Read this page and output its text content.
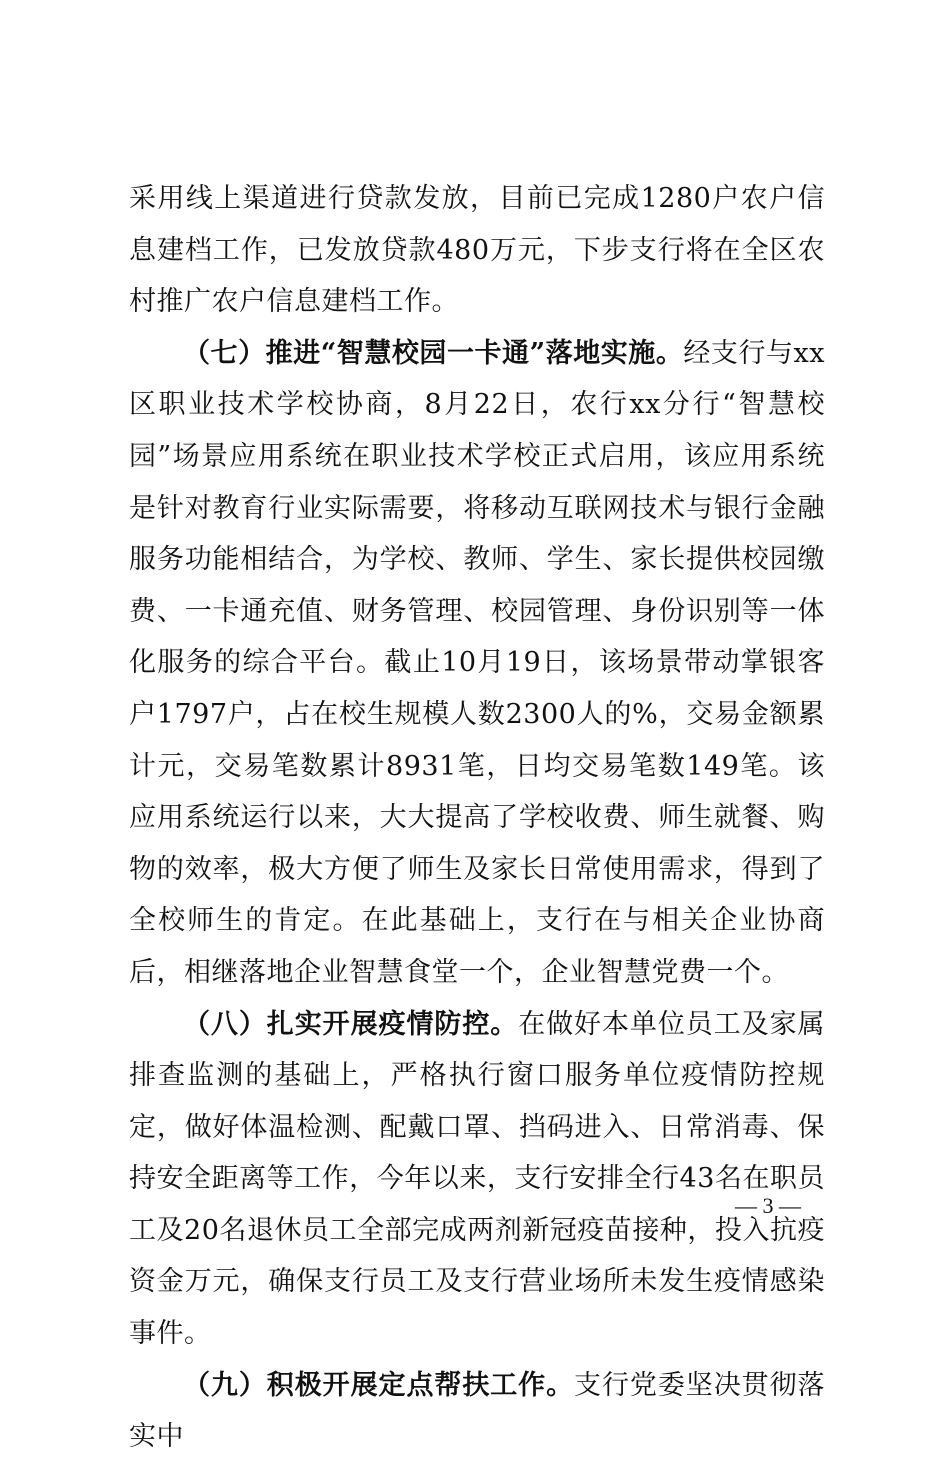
采用线上渠道进行贷款发放，目前已完成1280户农户信息建档工作，已发放贷款480万元，下步支行将在全区农村推广农户信息建档工作。

（七）推进“智慧校园一卡通”落地实施。经支行与xx区职业技术学校协商，8月22日，农行xx分行“智慧校园”场景应用系统在职业技术学校正式启用，该应用系统是针对教育行业实际需要，将移动互联网技术与银行金融服务功能相结合，为学校、教师、学生、家长提供校园缴费、一卡通充值、财务管理、校园管理、身份识别等一体化服务的综合平台。截止10月19日，该场景带动掌银客户1797户，占在校生规模人数2300人的%，交易金额累计元，交易笔数累计8931笔，日均交易笔数149笔。该应用系统运行以来，大大提高了学校收费、师生就餐、购物的效率，极大方便了师生及家长日常使用需求，得到了全校师生的肯定。在此基础上，支行在与相关企业协商后，相继落地企业智慧食堂一个，企业智慧党费一个。

（八）扎实开展疫情防控。在做好本单位员工及家属排查监测的基础上，严格执行窗口服务单位疫情防控规定，做好体温检测、配戴口罩、挡码进入、日常消毒、保持安全距离等工作，今年以来，支行安排全行43名在职员工及20名退休员工全部完成两剂新冠疫苗接种，投入抗疫资金万元，确保支行员工及支行营业场所未发生疫情感染事件。

（九）积极开展定点帮扶工作。支行党委坚决贯彻落实中

— 3 —
